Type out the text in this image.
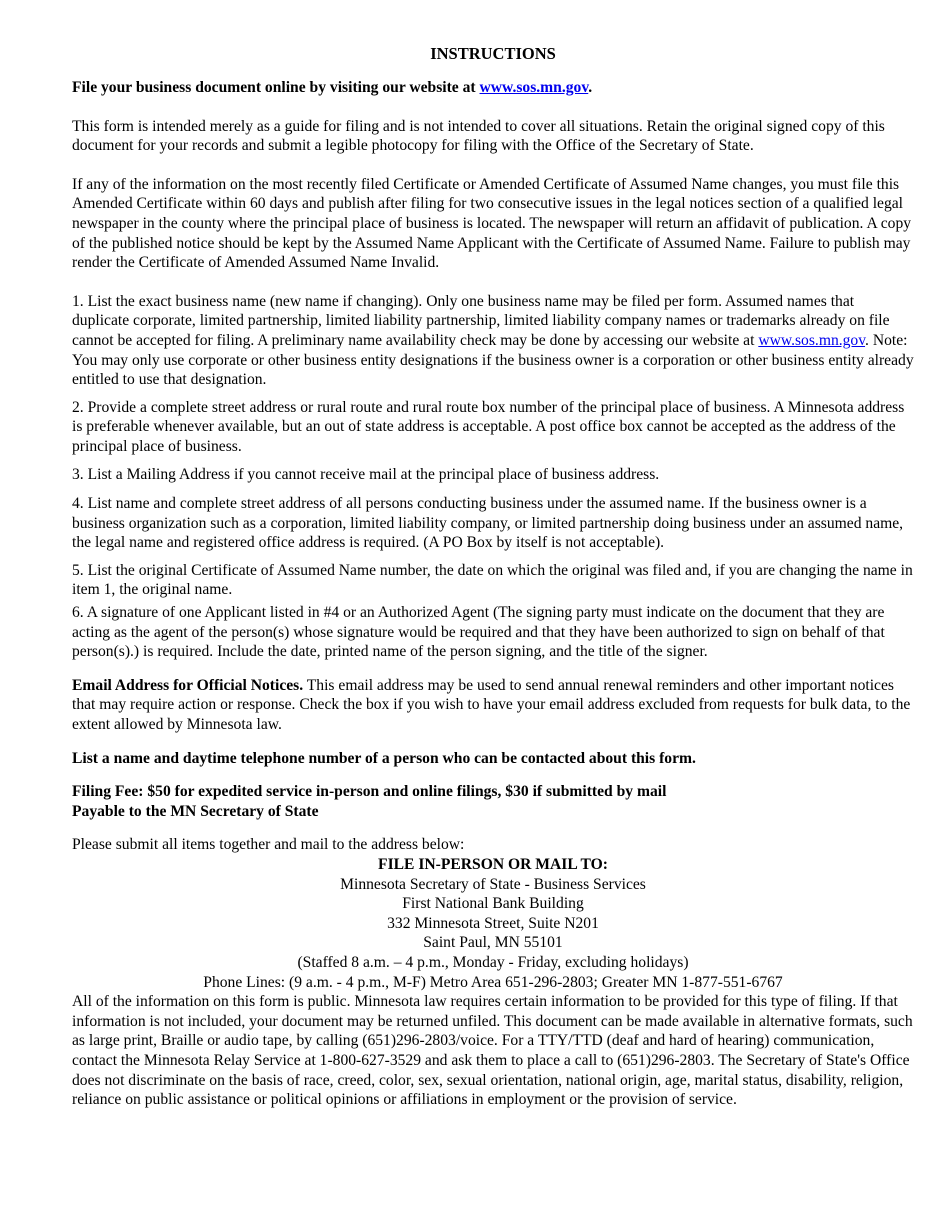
INSTRUCTIONS

File your business document online by visiting our website at www.sos.mn.gov.

This form is intended merely as a guide for filing and is not intended to cover all situations. Retain the original signed copy of this document for your records and submit a legible photocopy for filing with the Office of the Secretary of State.

If any of the information on the most recently filed Certificate or Amended Certificate of Assumed Name changes, you must file this Amended Certificate within 60 days and publish after filing for two consecutive issues in the legal notices section of a qualified legal newspaper in the county where the principal place of business is located. The newspaper will return an affidavit of publication. A copy of the published notice should be kept by the Assumed Name Applicant with the Certificate of Assumed Name. Failure to publish may render the Certificate of Amended Assumed Name Invalid.

1. List the exact business name (new name if changing). Only one business name may be filed per form. Assumed names that duplicate corporate, limited partnership, limited liability partnership, limited liability company names or trademarks already on file cannot be accepted for filing. A preliminary name availability check may be done by accessing our website at www.sos.mn.gov. Note: You may only use corporate or other business entity designations if the business owner is a corporation or other business entity already entitled to use that designation.

2. Provide a complete street address or rural route and rural route box number of the principal place of business. A Minnesota address is preferable whenever available, but an out of state address is acceptable. A post office box cannot be accepted as the address of the principal place of business.

3. List a Mailing Address if you cannot receive mail at the principal place of business address.

4. List name and complete street address of all persons conducting business under the assumed name. If the business owner is a business organization such as a corporation, limited liability company, or limited partnership doing business under an assumed name, the legal name and registered office address is required. (A PO Box by itself is not acceptable).

5. List the original Certificate of Assumed Name number, the date on which the original was filed and, if you are changing the name in item 1, the original name.

6. A signature of one Applicant listed in #4 or an Authorized Agent (The signing party must indicate on the document that they are acting as the agent of the person(s) whose signature would be required and that they have been authorized to sign on behalf of that person(s).) is required. Include the date, printed name of the person signing, and the title of the signer.

Email Address for Official Notices. This email address may be used to send annual renewal reminders and other important notices that may require action or response. Check the box if you wish to have your email address excluded from requests for bulk data, to the extent allowed by Minnesota law.

List a name and daytime telephone number of a person who can be contacted about this form.

Filing Fee: $50 for expedited service in-person and online filings, $30 if submitted by mail

Payable to the MN Secretary of State

Please submit all items together and mail to the address below:

FILE IN-PERSON OR MAIL TO:

Minnesota Secretary of State - Business Services

First National Bank Building

332 Minnesota Street, Suite N201

Saint Paul, MN 55101

(Staffed 8 a.m. – 4 p.m., Monday - Friday, excluding holidays)

Phone Lines: (9 a.m. - 4 p.m., M-F) Metro Area 651-296-2803; Greater MN 1-877-551-6767

All of the information on this form is public. Minnesota law requires certain information to be provided for this type of filing. If that information is not included, your document may be returned unfiled. This document can be made available in alternative formats, such as large print, Braille or audio tape, by calling (651)296-2803/voice. For a TTY/TTD (deaf and hard of hearing) communication, contact the Minnesota Relay Service at 1-800-627-3529 and ask them to place a call to (651)296-2803. The Secretary of State's Office does not discriminate on the basis of race, creed, color, sex, sexual orientation, national origin, age, marital status, disability, religion, reliance on public assistance or political opinions or affiliations in employment or the provision of service.
